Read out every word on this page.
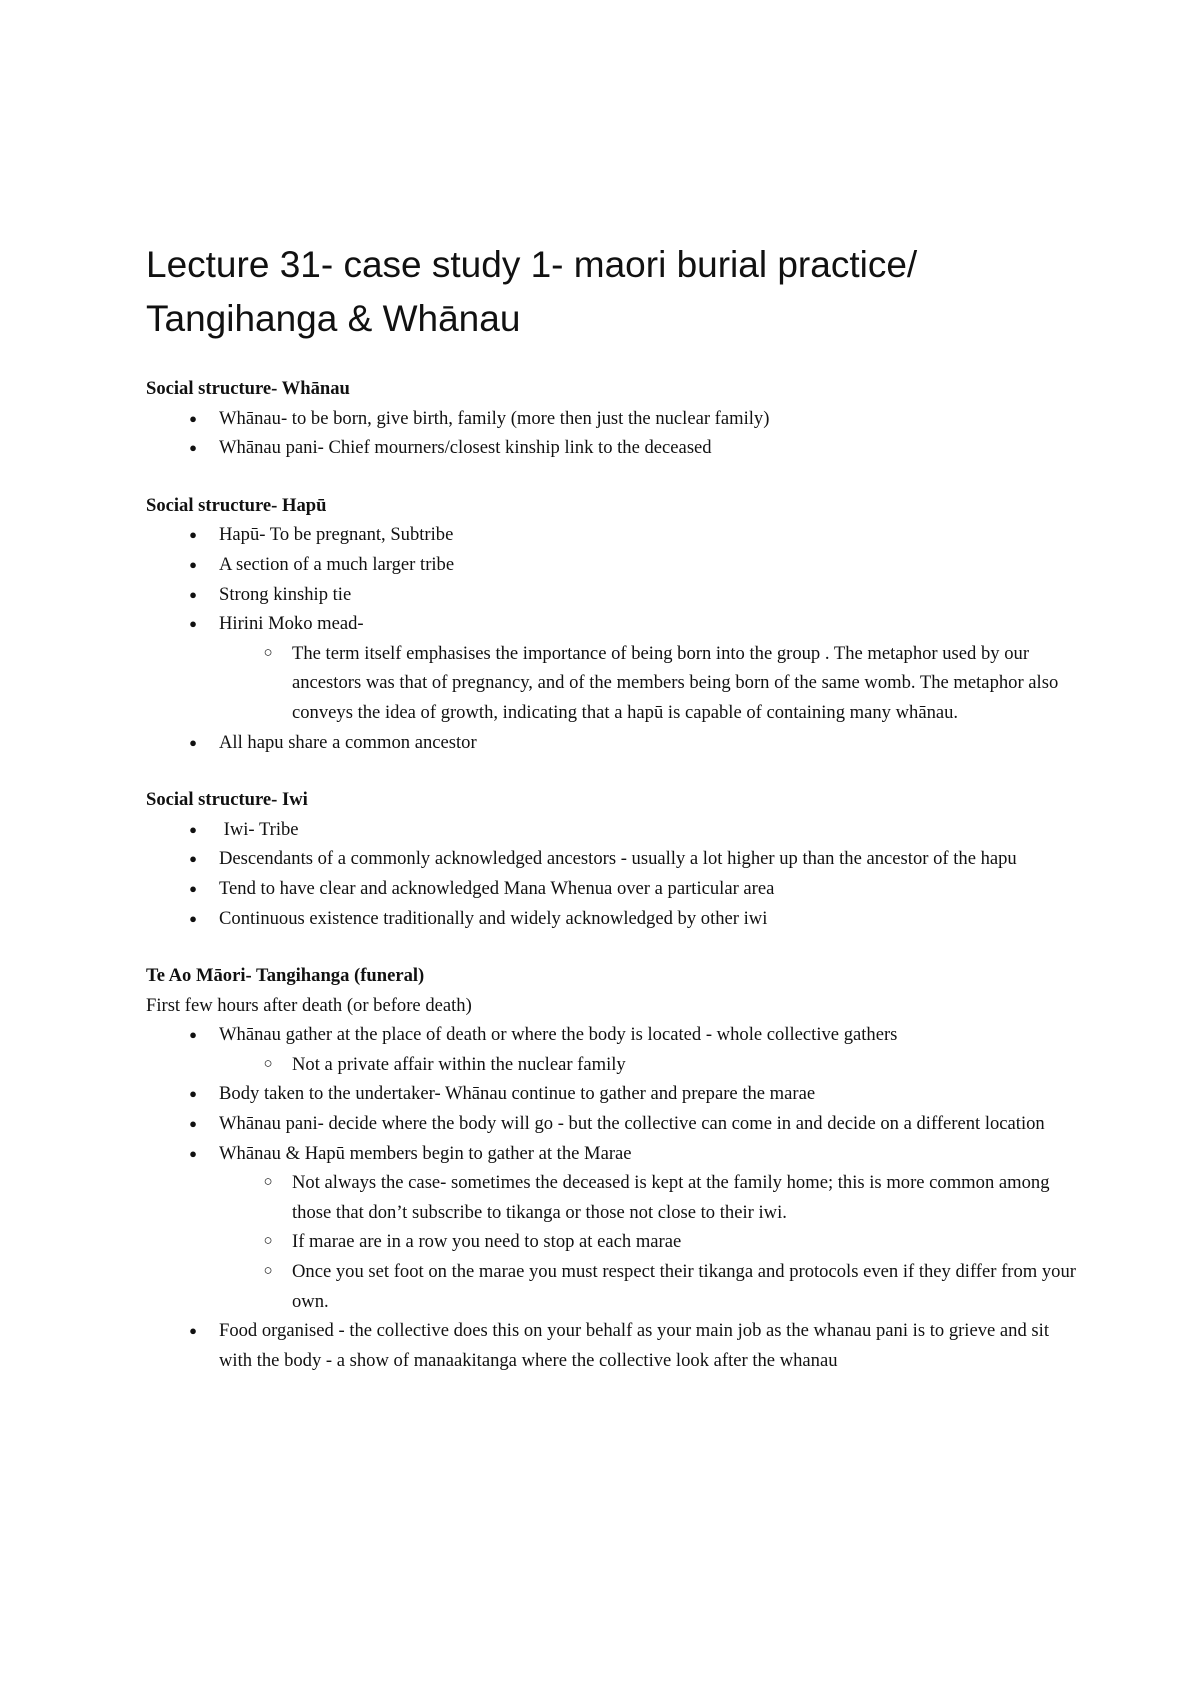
Lecture 31- case study 1- maori burial practice/
Tangihanga & Whānau

Social structure- Whānau

● Whānau- to be born, give birth, family (more then just the nuclear family)
● Whānau pani- Chief mourners/closest kinship link to the deceased

Social structure- Hapū

● Hapū- To be pregnant, Subtribe
● A section of a much larger tribe
● Strong kinship tie
● Hirini Moko mead-
○ The term itself emphasises the importance of being born into the group . The metaphor used by our ancestors was that of pregnancy, and of the members being born of the same womb. The metaphor also conveys the idea of growth, indicating that a hapū is capable of containing many whānau.
● All hapu share a common ancestor

Social structure- Iwi

● Iwi- Tribe
● Descendants of a commonly acknowledged ancestors - usually a lot higher up than the ancestor of the hapu
● Tend to have clear and acknowledged Mana Whenua over a particular area
● Continuous existence traditionally and widely acknowledged by other iwi

Te Ao Māori- Tangihanga (funeral)

First few hours after death (or before death)

● Whānau gather at the place of death or where the body is located - whole collective gathers
○ Not a private affair within the nuclear family
● Body taken to the undertaker- Whānau continue to gather and prepare the marae
● Whānau pani- decide where the body will go - but the collective can come in and decide on a different location
● Whānau & Hapū members begin to gather at the Marae
○ Not always the case- sometimes the deceased is kept at the family home; this is more common among those that don’t subscribe to tikanga or those not close to their iwi.
○ If marae are in a row you need to stop at each marae
○ Once you set foot on the marae you must respect their tikanga and protocols even if they differ from your own.
● Food organised - the collective does this on your behalf as your main job as the whanau pani is to grieve and sit with the body - a show of manaakitanga where the collective look after the whanau
